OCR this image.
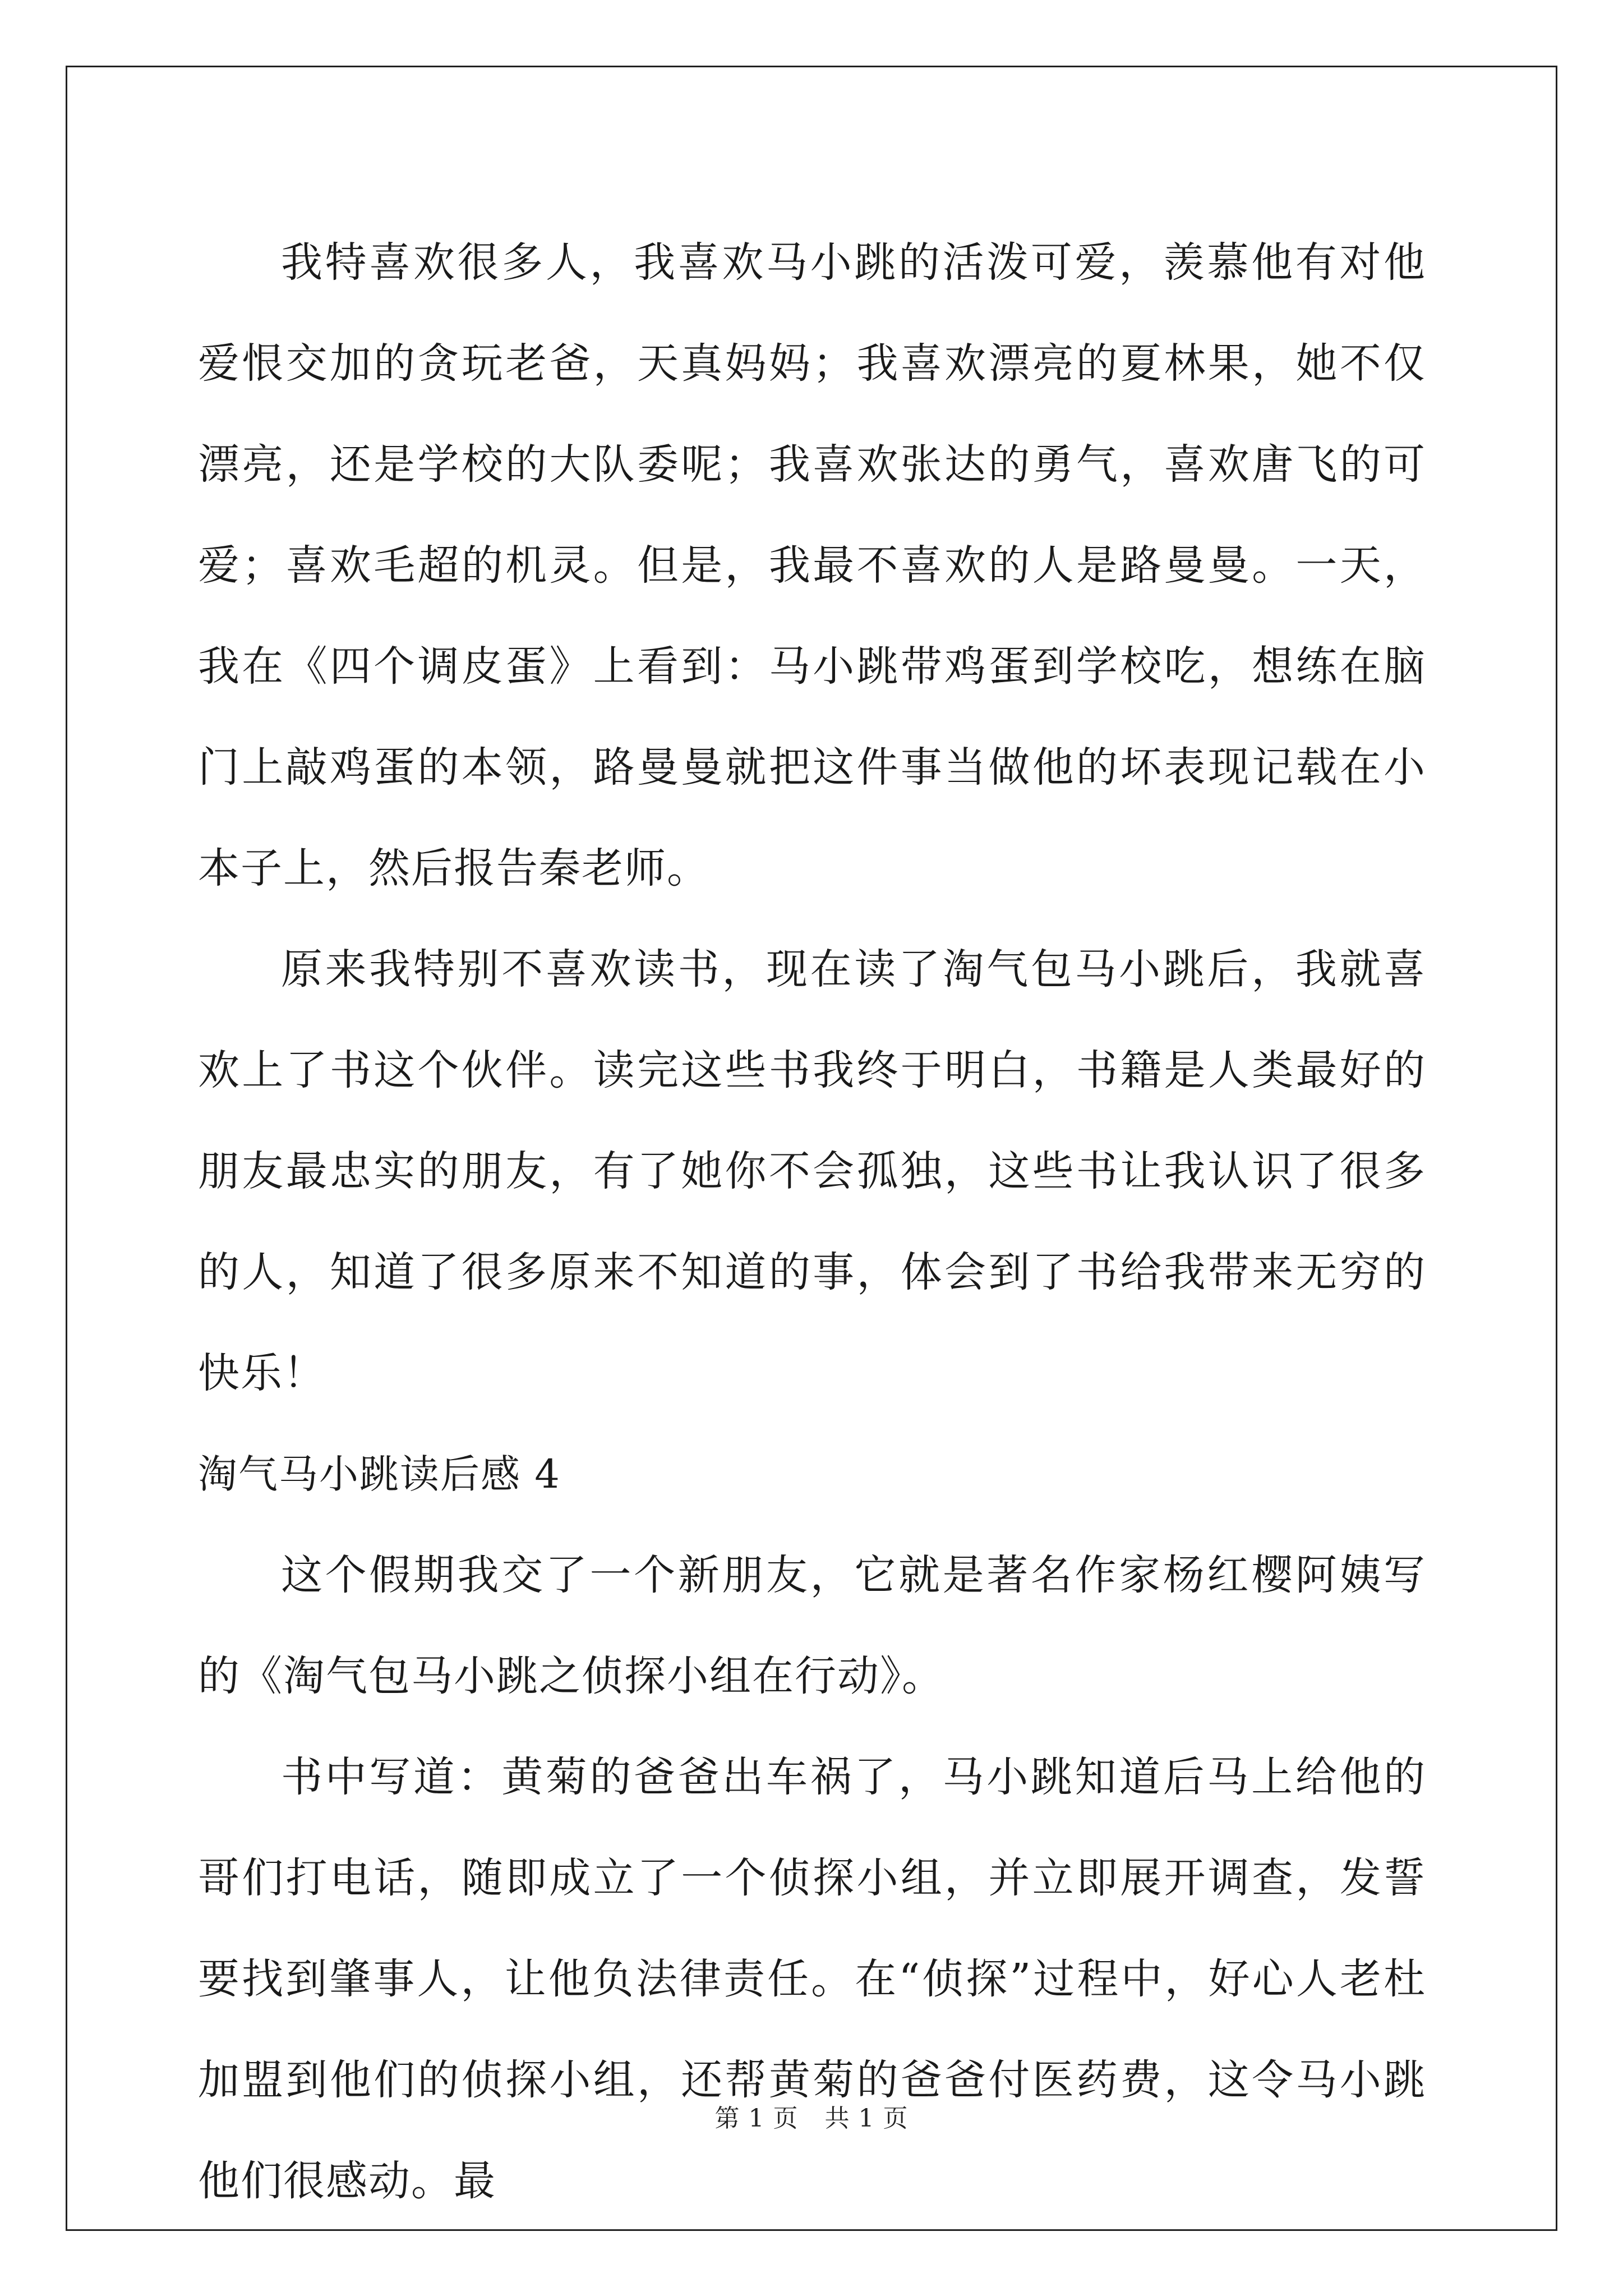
我特喜欢很多人，我喜欢马小跳的活泼可爱，羡慕他有对他爱恨交加的贪玩老爸，天真妈妈；我喜欢漂亮的夏林果，她不仅漂亮，还是学校的大队委呢；我喜欢张达的勇气，喜欢唐飞的可爱；喜欢毛超的机灵。但是，我最不喜欢的人是路曼曼。一天，我在《四个调皮蛋》上看到：马小跳带鸡蛋到学校吃，想练在脑门上敲鸡蛋的本领，路曼曼就把这件事当做他的坏表现记载在小本子上，然后报告秦老师。

原来我特别不喜欢读书，现在读了淘气包马小跳后，我就喜欢上了书这个伙伴。读完这些书我终于明白，书籍是人类最好的朋友最忠实的朋友，有了她你不会孤独，这些书让我认识了很多的人，知道了很多原来不知道的事，体会到了书给我带来无穷的快乐！

淘气马小跳读后感 4

这个假期我交了一个新朋友，它就是著名作家杨红樱阿姨写的《淘气包马小跳之侦探小组在行动》。

书中写道：黄菊的爸爸出车祸了，马小跳知道后马上给他的哥们打电话，随即成立了一个侦探小组，并立即展开调查，发誓要找到肇事人，让他负法律责任。在“侦探”过程中，好心人老杜加盟到他们的侦探小组，还帮黄菊的爸爸付医药费，这令马小跳他们很感动。最

第 1 页 共 1 页
